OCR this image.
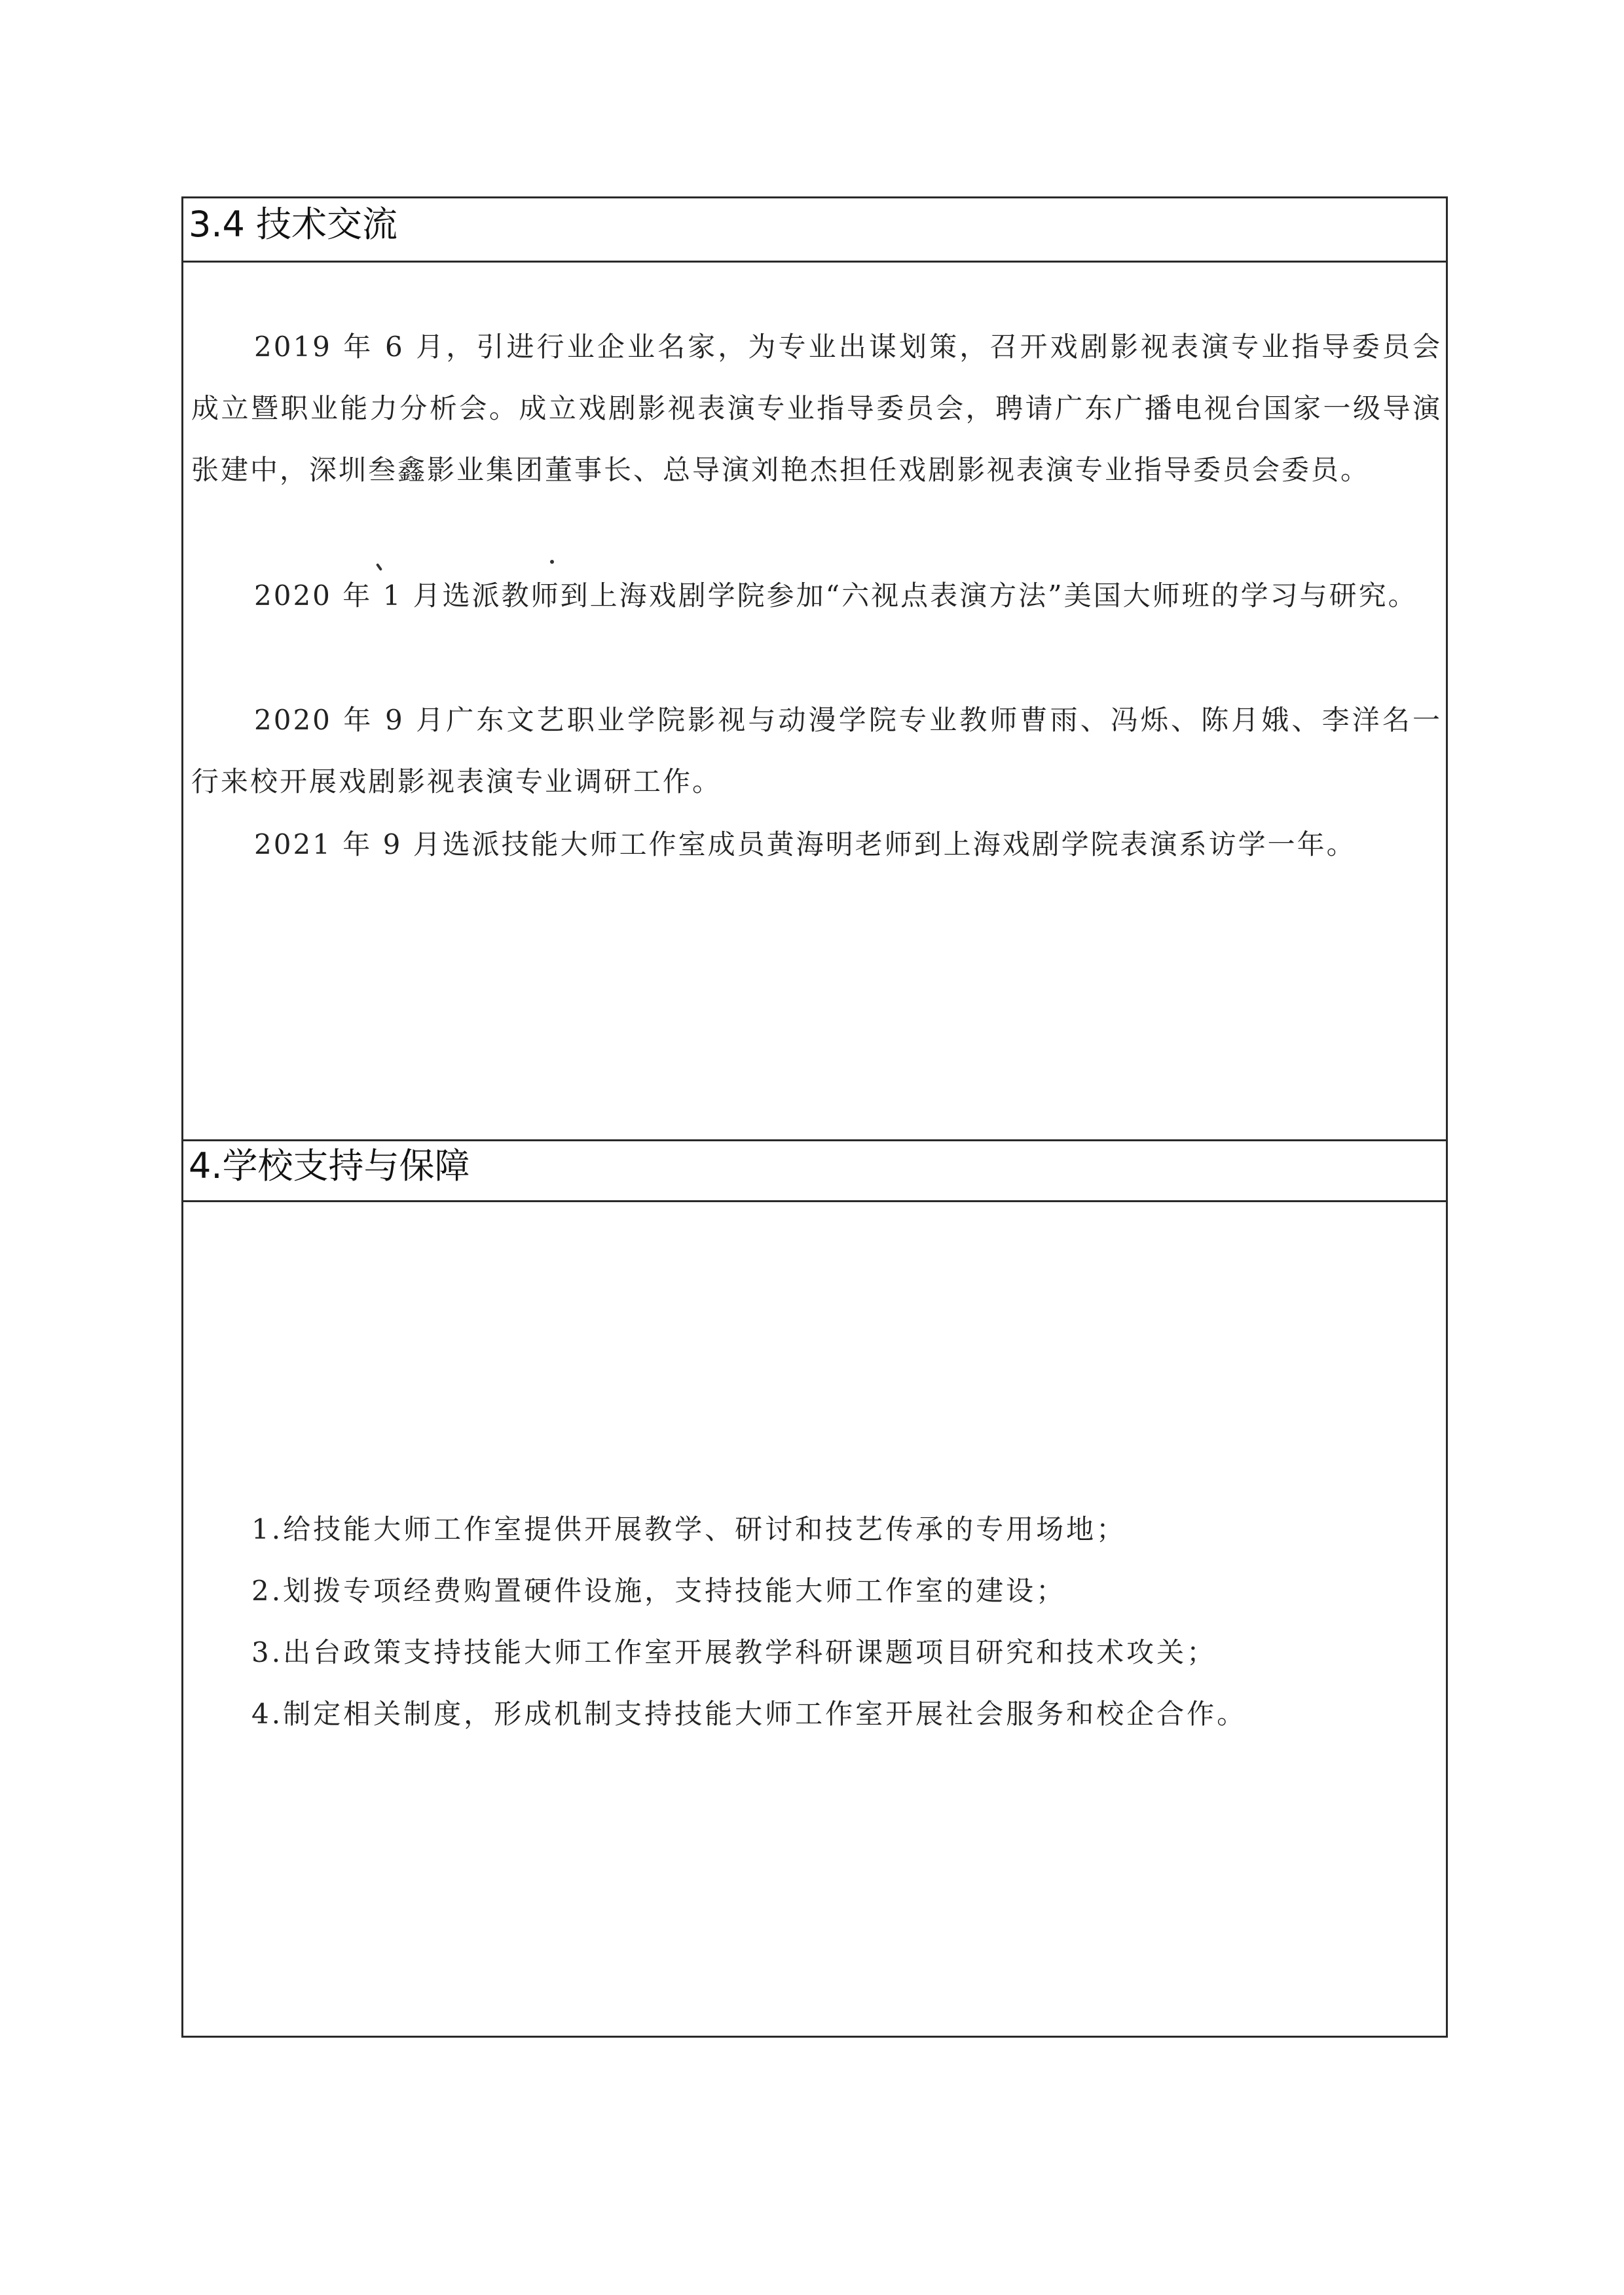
3.4 技术交流

2019 年 6 月，引进行业企业名家，为专业出谋划策，召开戏剧影视表演专业指导委员会成立暨职业能力分析会。成立戏剧影视表演专业指导委员会，聘请广东广播电视台国家一级导演张建中，深圳叁鑫影业集团董事长、总导演刘艳杰担任戏剧影视表演专业指导委员会委员。

2020 年 1 月选派教师到上海戏剧学院参加“六视点表演方法”美国大师班的学习与研究。

2020 年 9 月广东文艺职业学院影视与动漫学院专业教师曹雨、冯烁、陈月娥、李洋名一行来校开展戏剧影视表演专业调研工作。

2021 年 9 月选派技能大师工作室成员黄海明老师到上海戏剧学院表演系访学一年。

4.学校支持与保障
1.给技能大师工作室提供开展教学、研讨和技艺传承的专用场地；
2.划拨专项经费购置硬件设施，支持技能大师工作室的建设；
3.出台政策支持技能大师工作室开展教学科研课题项目研究和技术攻关；
4.制定相关制度，形成机制支持技能大师工作室开展社会服务和校企合作。
